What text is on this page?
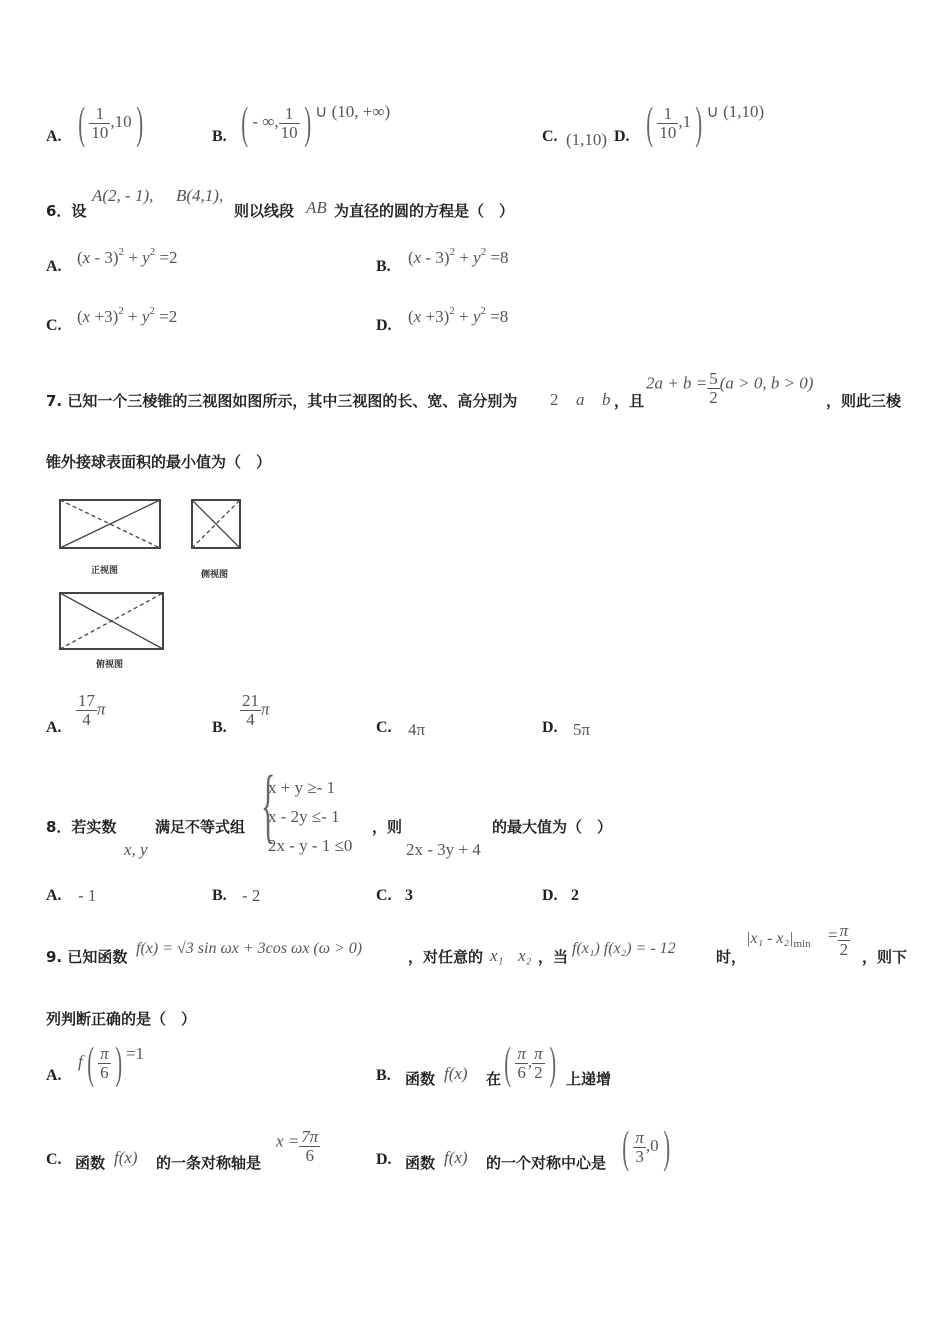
A. ( $\frac{1}{10} ,10$)	B. ( - ∞, $\frac{1}{10}$ ) ∪ (10, +∞)
C. (1,10) D. ( $\frac{1}{10} ,1$) ∪ (1,10)
6．设
A(2, - 1), B(4,1),
则以线段 AB 为直径的圆的方程是（　）
A. $(x - 3)^2 + y^2 =2$	B. $(x - 3)^2 + y^2 =8$
C. $(x +3)^2 + y^2 =2$	D. $(x +3)^2 + y^2 =8$
7. 已知一个三棱锥的三视图如图所示，其中三视图的长、宽、高分别为 2 a b ，且
$2a + b = \frac{5}{2} (a > 0$, b > 0)
，则此三棱
锥外接球表面积的最小值为（　）
正视图	侧视图
俯视图
A. $\frac{17}{4}$ π
B. $\frac{21}{4}$ π
C. 4π	D. 5π
8．若实数
x, y
满足不等式组 {
x + y ≥- 1
x - 2y ≤- 1
2x - y - 1 ≤0
，则
2x - 3y + 4
的最大值为（　）
A. - 1	B. - 2	C. 3	D. 2
9. 已知函数 f(x) = √3 sin ωx + 3cos ωx (ω > 0)	，对任意的 x₁ x₂ ，当 f(x₁) f(x₂) = - 12	时，
$|x_1 - x_2|_{min} = \frac{\pi}{2}$ ，则下
列判断正确的是（　）
A.
$f( \frac{\pi}{6}$ ) =1
B. 函数 f(x) 在 ( $\frac{\pi}{6}$ , $\frac{\pi}{2}$ ) 上递增
C. 函数 f(x) 的一条对称轴是
$x = \frac{7\pi}{6}$	D. 函数 f(x) 的一个对称中心是 ( $\frac{\pi}{3} ,0$)
